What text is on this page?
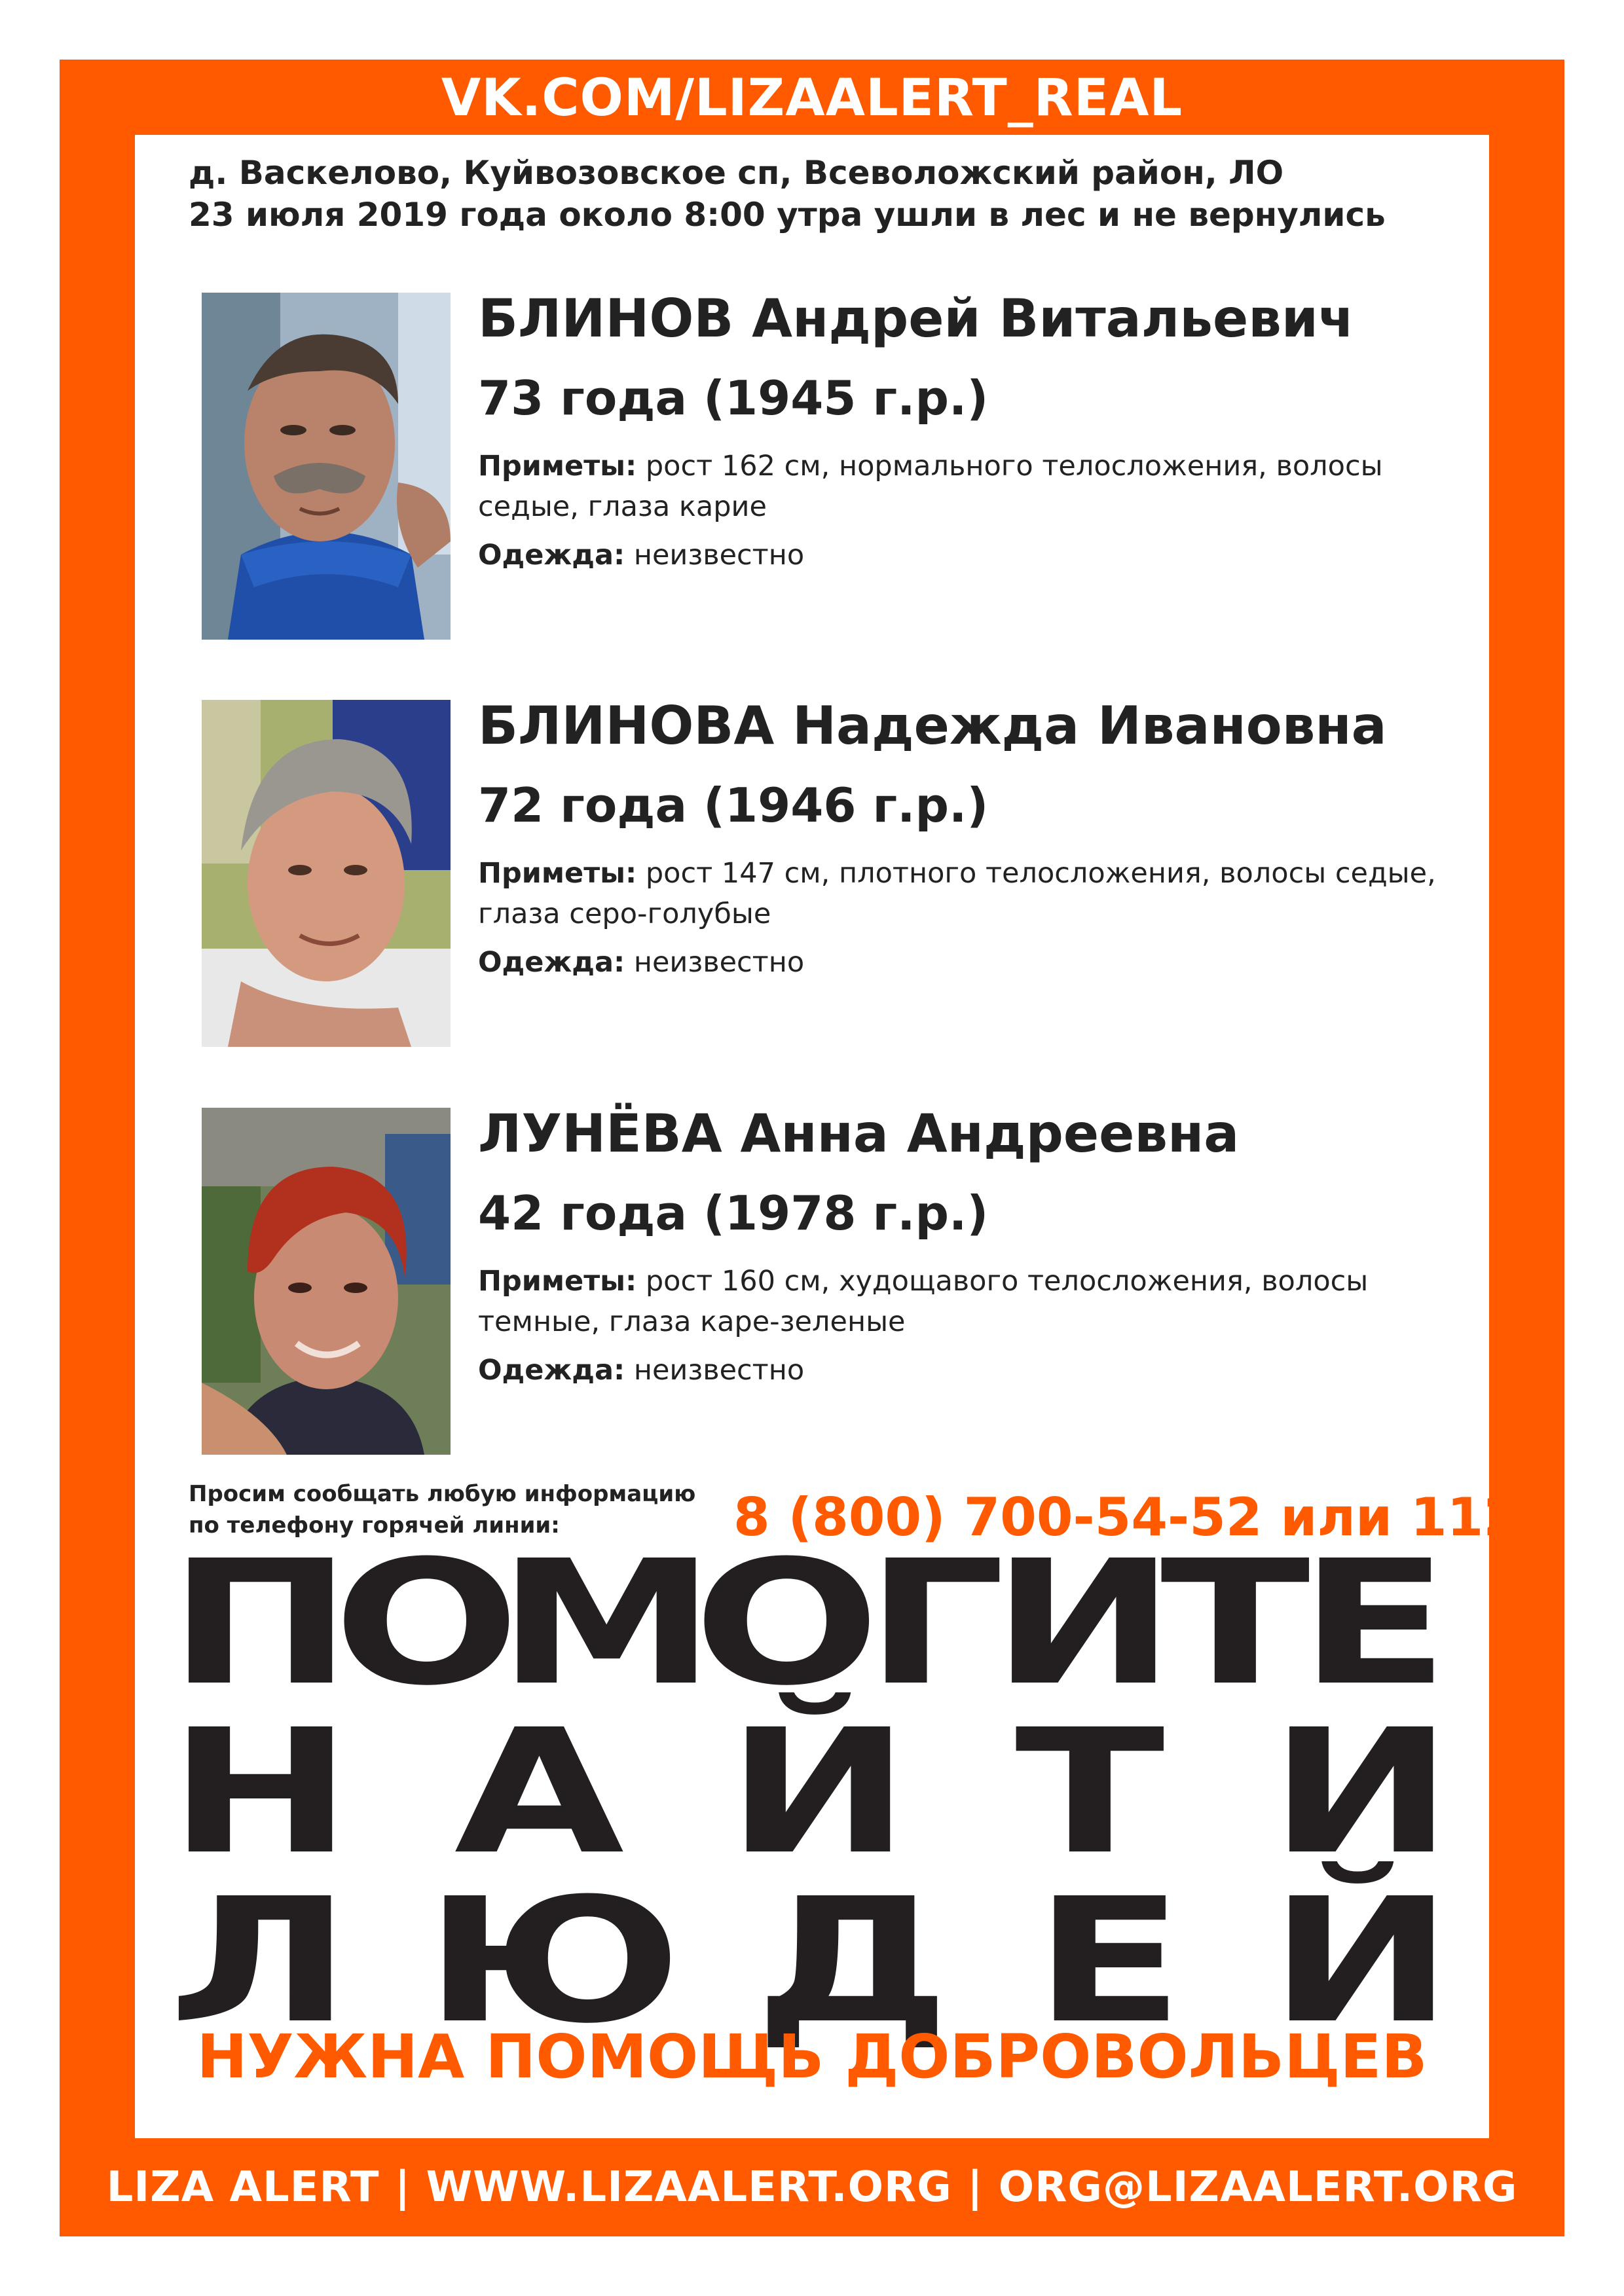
VK.COM/LIZAALERT_REAL
д. Васкелово, Куйвозовское сп, Всеволожский район, ЛО
23 июля 2019 года около 8:00 утра ушли в лес и не вернулись
БЛИНОВ Андрей Витальевич
73 года (1945 г.р.)
Приметы: рост 162 см, нормального телосложения, волосы седые, глаза карие
Одежда: неизвестно
БЛИНОВА Надежда Ивановна
72 года (1946 г.р.)
Приметы: рост 147 см, плотного телосложения, волосы седые, глаза серо-голубые
Одежда: неизвестно
ЛУНЁВА Анна Андреевна
42 года (1978 г.р.)
Приметы: рост 160 см, худощавого телосложения, волосы темные, глаза каре-зеленые
Одежда: неизвестно
Просим сообщать любую информацию
по телефону горячей линии:	8 (800) 700-54-52 или 112
П
О
М
О
Г
И
Т
Е
Н А Й Т И
Л Ю Д Е Й
НУЖНА ПОМОЩЬ ДОБРОВОЛЬЦЕВ
LIZA ALERT | WWW.LIZAALERT.ORG | ORG@LIZAALERT.ORG
